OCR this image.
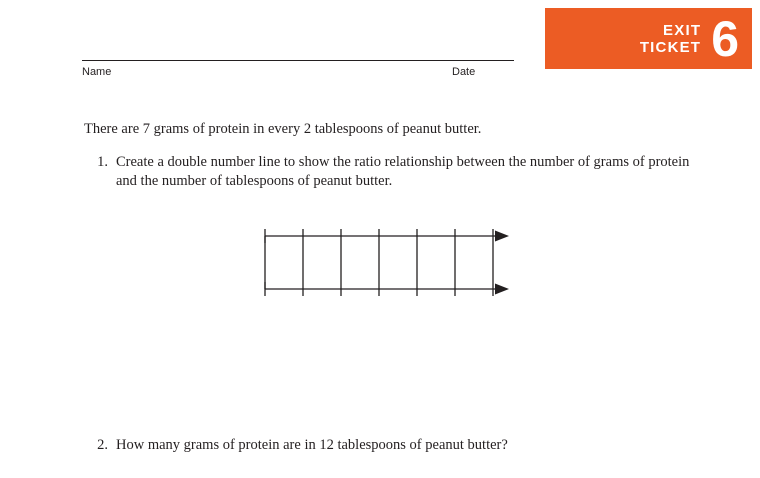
EXIT
TICKET 6
Name	Date
There are 7 grams of protein in every 2 tablespoons of peanut butter.
1. Create a double number line to show the ratio relationship between the number of grams of protein and the number of tablespoons of peanut butter.
2. How many grams of protein are in 12 tablespoons of peanut butter?
